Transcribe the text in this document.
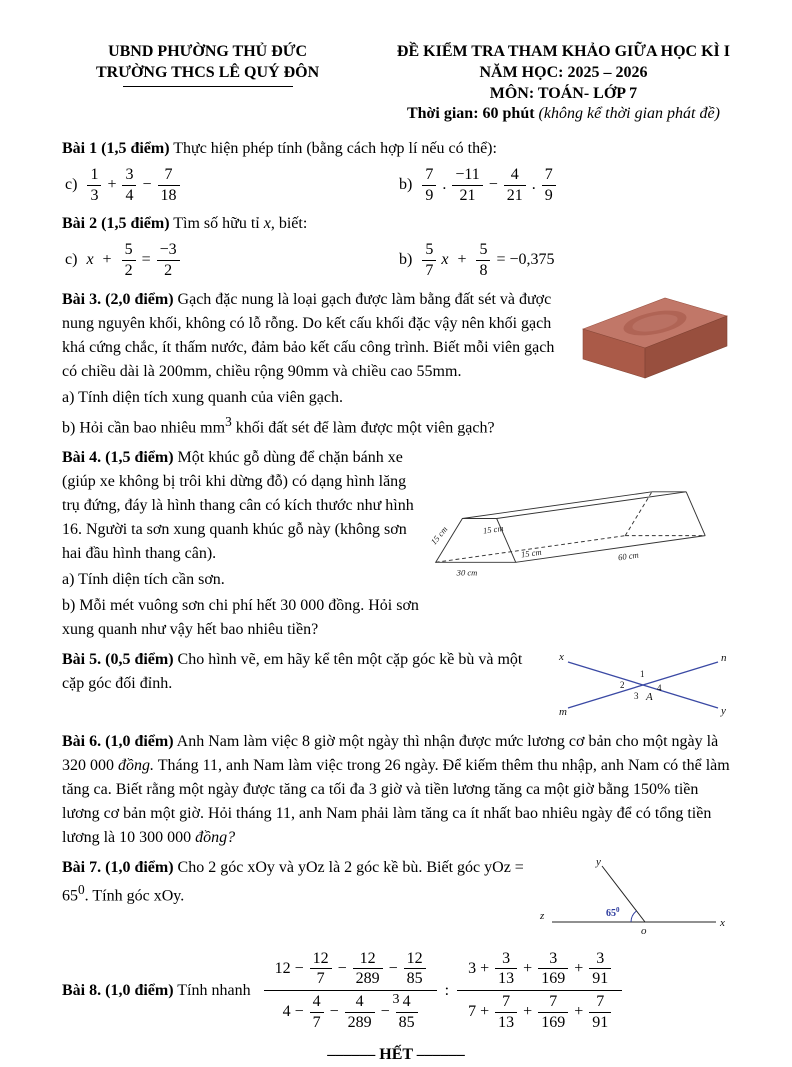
UBND PHƯỜNG THỦ ĐỨC
TRƯỜNG THCS LÊ QUÝ ĐÔN
ĐỀ KIỂM TRA THAM KHẢO GIỮA HỌC KÌ I
NĂM HỌC: 2025 – 2026
MÔN: TOÁN- LỚP 7
Thời gian: 60 phút (không kể thời gian phát đề)

Bài 1 (1,5 điểm) Thực hiện phép tính (bằng cách hợp lí nếu có thể):

$c) \frac{1}{3} + \frac{3}{4} - \frac{7}{18}$	$b) \frac{7}{9}$ . $\frac{-11}{21} - \frac{4}{21}$ . $\frac{7}{9}$

Bài 2 (1,5 điểm) Tìm số hữu tỉ x, biết:

c) $x + \frac{5}{2} = \frac{-3}{2}$	$b) \frac{5}{7}$ $x + \frac{5}{8} = -0,375$

Bài 3. (2,0 điểm) Gạch đặc nung là loại gạch được làm bằng đất sét và được nung nguyên khối, không có lỗ rỗng. Do kết cấu khối đặc vậy nên khối gạch khá cứng chắc, ít thấm nước, đảm bảo kết cấu công trình. Biết mỗi viên gạch có chiều dài là 200mm, chiều rộng 90mm và chiều cao 55mm.

a) Tính diện tích xung quanh của viên gạch.

b) Hỏi cần bao nhiêu $mm^3$ khối đất sét để làm được một viên gạch?

15 cm	15 cm
30 cm
15 cm	60 cm

Bài 4. (1,5 điểm) Một khúc gỗ dùng để chặn bánh xe (giúp xe không bị trôi khi dừng đỗ) có dạng hình lăng trụ đứng, đáy là hình thang cân có kích thước như hình 16. Người ta sơn xung quanh khúc gỗ này (không sơn hai đầu hình thang cân).

a) Tính diện tích cần sơn.

b) Mỗi mét vuông sơn chi phí hết 30 000 đồng. Hỏi sơn xung quanh như vậy hết bao nhiêu tiền?

x	n
m	y
A
1
2
3
4

Bài 5. (0,5 điểm) Cho hình vẽ, em hãy kể tên một cặp góc kề bù và một cặp góc đối đỉnh.

Bài 6. (1,0 điểm) Anh Nam làm việc 8 giờ một ngày thì nhận được mức lương cơ bản cho một ngày là 320 000 đồng. Tháng 11, anh Nam làm việc trong 26 ngày. Để kiếm thêm thu nhập, anh Nam có thể làm tăng ca. Biết rằng một ngày được tăng ca tối đa 3 giờ và tiền lương tăng ca một giờ bằng 150% tiền lương cơ bản một giờ. Hỏi tháng 11, anh Nam phải làm tăng ca ít nhất bao nhiêu ngày để có tổng tiền lương là 10 300 000 đồng?

z
x
y
o
$65^0$

Bài 7. (1,0 điểm) Cho 2 góc xOy và yOz là 2 góc kề bù. Biết góc yOz = $65^0$. Tính góc xOy.

Bài 8. (1,0 điểm) Tính nhanh $\frac{12 - \frac{12}{7} - \frac{12}{289} - \frac{12}{85}}{4 - \frac{4}{7} - \frac{4}{289} - \frac{4}{85}}$ : $\frac{3 + \frac{3}{13} + \frac{3}{169} + \frac{3}{91}}{7 + \frac{7}{13} + \frac{7}{169} + \frac{7}{91}}$
–––––– HẾT ––––––
3
